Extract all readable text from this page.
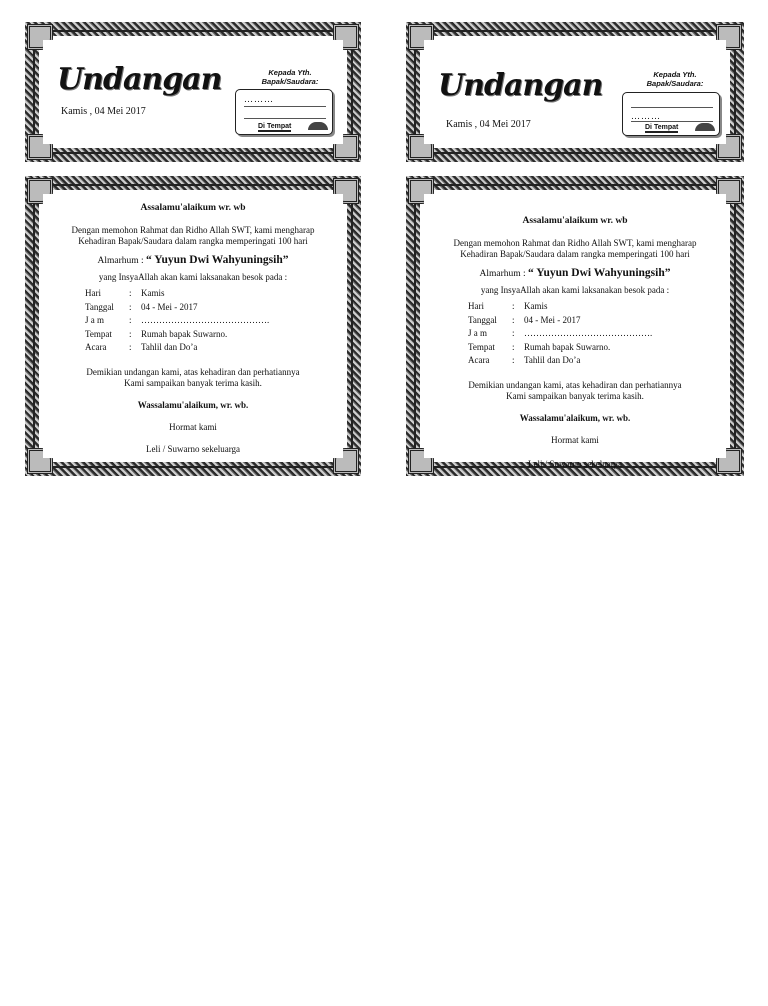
Undangan
Kamis , 04 Mei 2017
Kepada Yth.
Bapak/Saudara:
………
Di Tempat
Undangan
Kamis , 04 Mei 2017
Kepada Yth.
Bapak/Saudara:
………
Di Tempat
Assalamu'alaikum wr. wb
Dengan memohon Rahmat dan Ridho Allah SWT, kami mengharap
Kehadiran Bapak/Saudara dalam rangka memperingati 100 hari
Almarhum : “ Yuyun Dwi Wahyuningsih”
yang InsyaAllah akan kami laksanakan besok pada :
Hari	:	Kamis
Tanggal	:	04 - Mei - 2017
J a m	:	…………………………………….
Tempat	:	Rumah bapak Suwarno.
Acara	:	Tahlil dan Do’a
Demikian undangan kami, atas kehadiran dan perhatiannya
Kami sampaikan banyak terima kasih.
Wassalamu'alaikum, wr. wb.
Hormat kami
Leli / Suwarno sekeluarga
Assalamu'alaikum wr. wb
Dengan memohon Rahmat dan Ridho Allah SWT, kami mengharap
Kehadiran Bapak/Saudara dalam rangka memperingati 100 hari
Almarhum : “ Yuyun Dwi Wahyuningsih”
yang InsyaAllah akan kami laksanakan besok pada :
Hari	:	Kamis
Tanggal	:	04 - Mei - 2017
J a m	:	…………………………………….
Tempat	:	Rumah bapak Suwarno.
Acara	:	Tahlil dan Do’a
Demikian undangan kami, atas kehadiran dan perhatiannya
Kami sampaikan banyak terima kasih.
Wassalamu'alaikum, wr. wb.
Hormat kami
Leli / Suwarno sekeluarga
